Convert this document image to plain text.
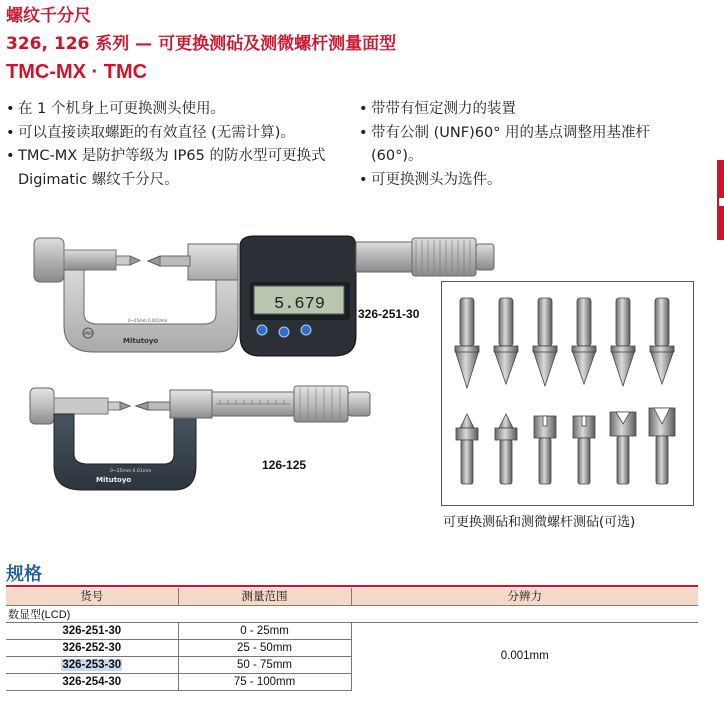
螺纹千分尺
326, 126 系列 — 可更换测砧及测微螺杆测量面型
TMC-MX · TMC
• 在 1 个机身上可更换测头使用。
• 可以直接读取螺距的有效直径 (无需计算)。
• TMC-MX 是防护等级为 IP65 的防水型可更换式 Digimatic 螺纹千分尺。
• 带带有恒定测力的装置
• 带有公制 (UNF)60° 用的基点调整用基准杆 (60°)。
• 可更换测头为选件。
IP65
Mitutoyo
0~25mm 0.001mm
5.679	326-251-30
0~25mm 0.01mm
Mitutoyo
126-125
可更换测砧和测微螺杆测砧(可选)
规格
货号	测量范围	分辨力
数显型(LCD)		
326-251-30	0 - 25mm	0.001mm
326-252-30	25 - 50mm	
326-253-30	50 - 75mm	
326-254-30	75 - 100mm	
